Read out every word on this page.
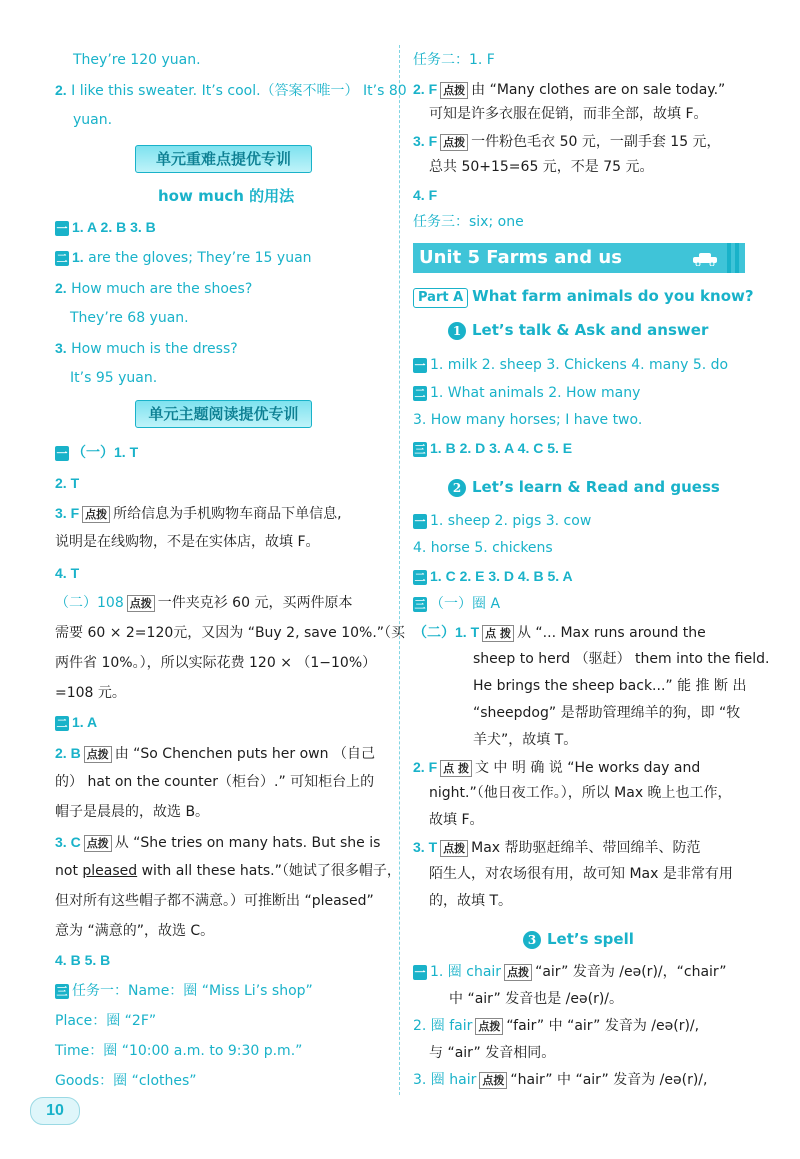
They’re 120 yuan.
2. I like this sweater. It’s cool.（答案不唯一） It’s 80
yuan.
单元重难点提优专训
how much 的用法
一 1. A 2. B 3. B
二 1. are the gloves; They’re 15 yuan
2. How much are the shoes?
They’re 68 yuan.
3. How much is the dress?
It’s 95 yuan.
单元主题阅读提优专训
一 （一）1. T
2. T
3. F 点拨 所给信息为手机购物车商品下单信息,
说明是在线购物，不是在实体店，故填 F。
4. T
（二）108 点拨 一件夹克衫 60 元，买两件原本
需要 60 × 2=120元，又因为 “Buy 2, save 10%.”（买
两件省 10%。），所以实际花费 120 × （1−10%）
=108 元。
二 1. A
2. B 点拨 由 “So Chenchen puts her own （自己
的） hat on the counter（柜台）.” 可知柜台上的
帽子是晨晨的，故选 B。
3. C 点拨 从 “She tries on many hats. But she is
not pleased with all these hats.”（她试了很多帽子，
但对所有这些帽子都不满意。）可推断出 “pleased”
意为 “满意的”，故选 C。
4. B 5. B
三 任务一：Name：圈 “Miss Li’s shop”
Place：圈 “2F”
Time：圈 “10:00 a.m. to 9:30 p.m.”
Goods：圈 “clothes”
任务二：1. F
2. F 点拨 由 “Many clothes are on sale today.”
可知是许多衣服在促销，而非全部，故填 F。
3. F 点拨 一件粉色毛衣 50 元，一副手套 15 元，
总共 50+15=65 元，不是 75 元。
4. F
任务三：six; one
Unit 5 Farms and us
Part A What farm animals do you know?
1 Let’s talk & Ask and answer
一 1. milk 2. sheep 3. Chickens 4. many 5. do
二 1. What animals 2. How many
3. How many horses; I have two.
三 1. B 2. D 3. A 4. C 5. E
2 Let’s learn & Read and guess
一 1. sheep 2. pigs 3. cow
4. horse 5. chickens
二 1. C 2. E 3. D 4. B 5. A
三 （一）圈 A
（二）1. T 点 拨 从 “... Max runs around the
sheep to herd （驱赶） them into the field.
He brings the sheep back...” 能 推 断 出
“sheepdog” 是帮助管理绵羊的狗，即 “牧
羊犬”，故填 T。
2. F 点 拨 文 中 明 确 说 “He works day and
night.”（他日夜工作。），所以 Max 晚上也工作，
故填 F。
3. T 点拨 Max 帮助驱赶绵羊、带回绵羊、防范
陌生人，对农场很有用，故可知 Max 是非常有用
的，故填 T。
3 Let’s spell
一 1. 圈 chair 点拨 “air” 发音为 /eə(r)/，“chair”
中 “air” 发音也是 /eə(r)/。
2. 圈 fair 点拨 “fair” 中 “air” 发音为 /eə(r)/,
与 “air” 发音相同。
3. 圈 hair 点拨 “hair” 中 “air” 发音为 /eə(r)/,
10
